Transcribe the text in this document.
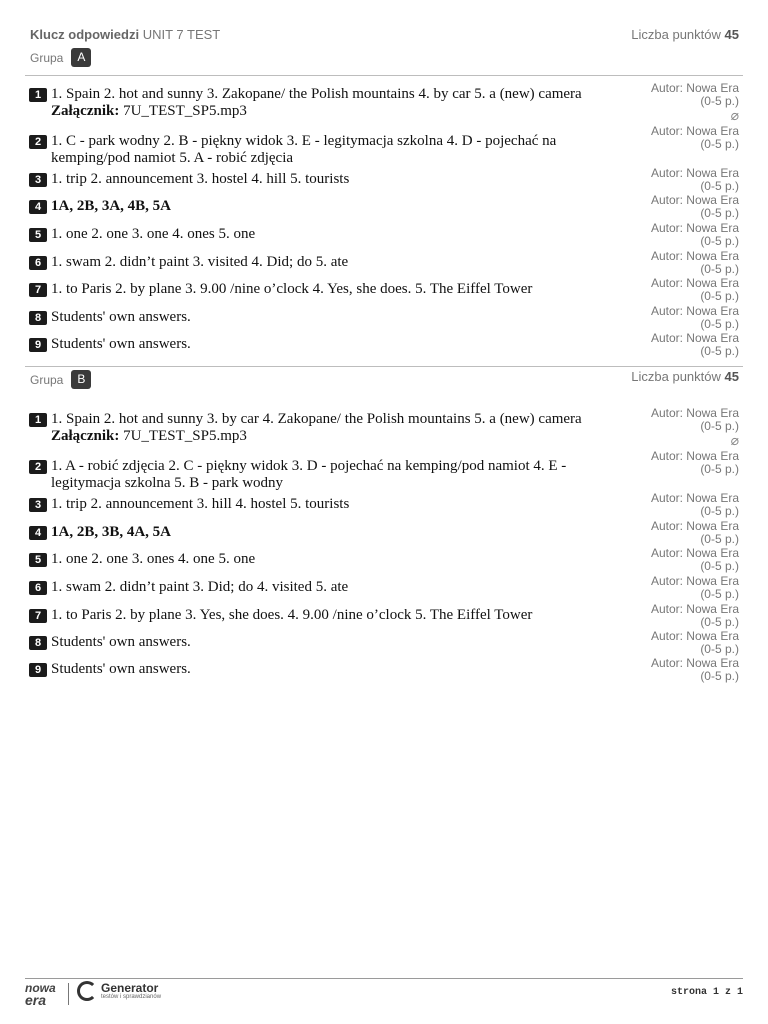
Klucz odpowiedzi UNIT 7 TEST	Liczba punktów 45
Grupa	A
1 1. Spain 2. hot and sunny 3. Zakopane/ the Polish mountains 4. by car 5. a (new) camera
Załącznik: 7U_TEST_SP5.mp3
Autor: Nowa Era
(0-5 p.)
⌀
2 1. C - park wodny 2. B - piękny widok 3. E - legitymacja szkolna 4. D - pojechać na kemping/pod namiot 5. A - robić zdjęcia
Autor: Nowa Era
(0-5 p.)
3 1. trip 2. announcement 3. hostel 4. hill 5. tourists	Autor: Nowa Era
(0-5 p.)
4 1A, 2B, 3A, 4B, 5A	Autor: Nowa Era
(0-5 p.)
5 1. one 2. one 3. one 4. ones 5. one	Autor: Nowa Era
(0-5 p.)
6 1. swam 2. didn’t paint 3. visited 4. Did; do 5. ate	Autor: Nowa Era
(0-5 p.)
7 1. to Paris 2. by plane 3. 9.00 /nine o’clock 4. Yes, she does. 5. The Eiffel Tower	Autor: Nowa Era
(0-5 p.)
8 Students' own answers.	Autor: Nowa Era
(0-5 p.)
9 Students' own answers.	Autor: Nowa Era
(0-5 p.)
Grupa	B	Liczba punktów 45
1 1. Spain 2. hot and sunny 3. by car 4. Zakopane/ the Polish mountains 5. a (new) camera
Załącznik: 7U_TEST_SP5.mp3
Autor: Nowa Era
(0-5 p.)
⌀
2 1. A - robić zdjęcia 2. C - piękny widok 3. D - pojechać na kemping/pod namiot 4. E - legitymacja szkolna 5. B - park wodny
Autor: Nowa Era
(0-5 p.)
3 1. trip 2. announcement 3. hill 4. hostel 5. tourists	Autor: Nowa Era
(0-5 p.)
4 1A, 2B, 3B, 4A, 5A	Autor: Nowa Era
(0-5 p.)
5 1. one 2. one 3. ones 4. one 5. one	Autor: Nowa Era
(0-5 p.)
6 1. swam 2. didn’t paint 3. Did; do 4. visited 5. ate	Autor: Nowa Era
(0-5 p.)
7 1. to Paris 2. by plane 3. Yes, she does. 4. 9.00 /nine o’clock 5. The Eiffel Tower	Autor: Nowa Era
(0-5 p.)
8 Students' own answers.	Autor: Nowa Era
(0-5 p.)
9 Students' own answers.	Autor: Nowa Era
(0-5 p.)
nowa
era
Generator
testów i sprawdzianów	strona 1 z 1
